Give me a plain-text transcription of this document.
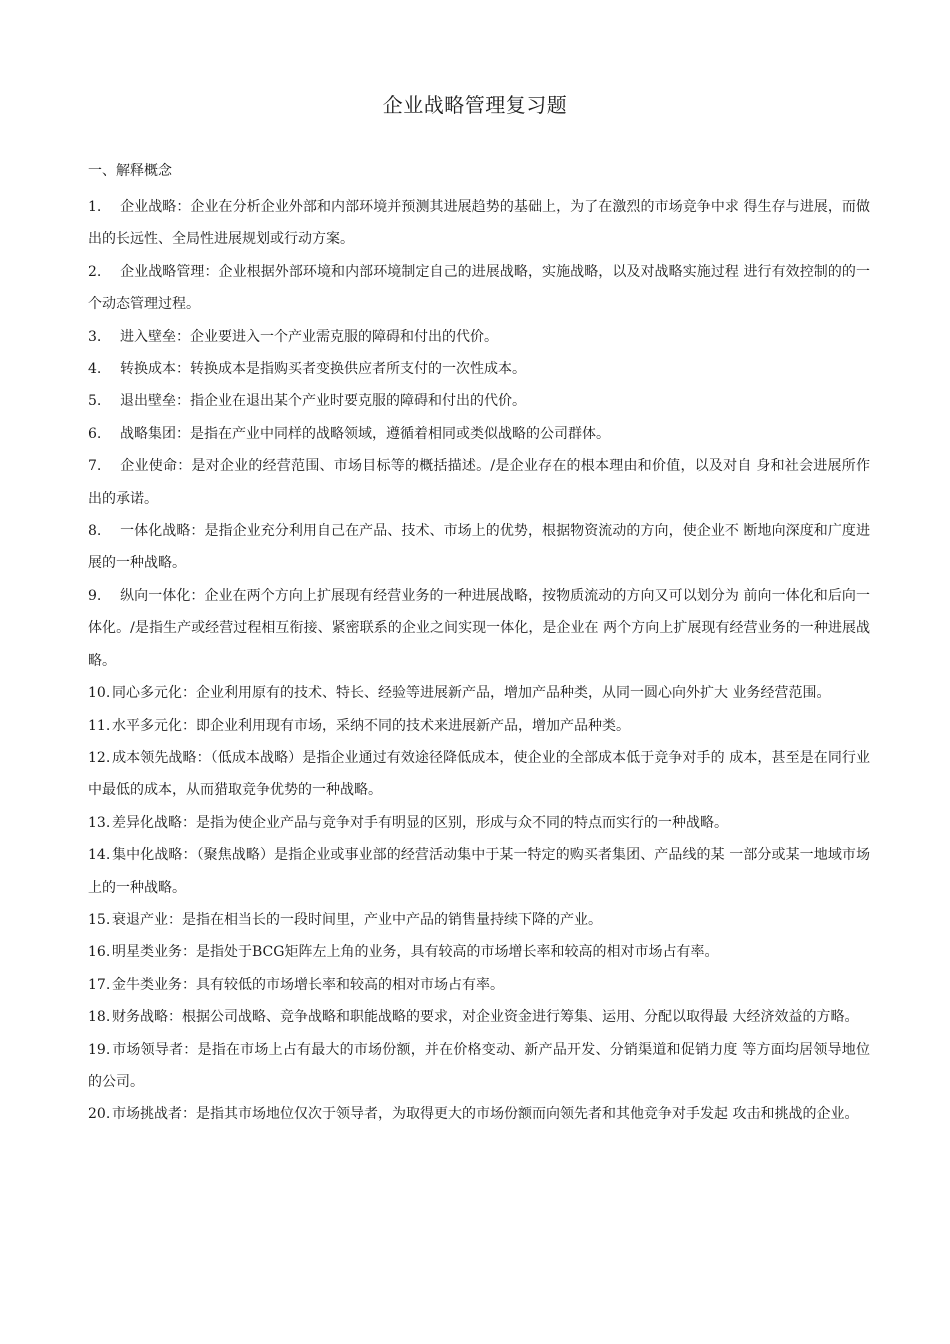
企业战略管理复习题
一、解释概念
1. 企业战略：企业在分析企业外部和内部环境并预测其进展趋势的基础上，为了在激烈的市场竞争中求 得生存与进展，而做出的长远性、全局性进展规划或行动方案。
2. 企业战略管理：企业根据外部环境和内部环境制定自己的进展战略，实施战略，以及对战略实施过程 进行有效控制的的一个动态管理过程。
3. 进入壁垒：企业要进入一个产业需克服的障碍和付出的代价。
4. 转换成本：转换成本是指购买者变换供应者所支付的一次性成本。
5. 退出壁垒：指企业在退出某个产业时要克服的障碍和付出的代价。
6. 战略集团：是指在产业中同样的战略领域，遵循着相同或类似战略的公司群体。
7. 企业使命：是对企业的经营范围、市场目标等的概括描述。/是企业存在的根本理由和价值，以及对自 身和社会进展所作出的承诺。
8. 一体化战略：是指企业充分利用自己在产品、技术、市场上的优势，根据物资流动的方向，使企业不 断地向深度和广度进展的一种战略。
9. 纵向一体化：企业在两个方向上扩展现有经营业务的一种进展战略，按物质流动的方向又可以划分为 前向一体化和后向一体化。/是指生产或经营过程相互衔接、紧密联系的企业之间实现一体化，是企业在 两个方向上扩展现有经营业务的一种进展战略。
10. 同心多元化：企业利用原有的技术、特长、经验等进展新产品，增加产品种类，从同一圆心向外扩大 业务经营范围。
11. 水平多元化：即企业利用现有市场，采纳不同的技术来进展新产品，增加产品种类。
12. 成本领先战略：（低成本战略）是指企业通过有效途径降低成本，使企业的全部成本低于竞争对手的 成本，甚至是在同行业中最低的成本，从而猎取竞争优势的一种战略。
13. 差异化战略：是指为使企业产品与竞争对手有明显的区别，形成与众不同的特点而实行的一种战略。
14. 集中化战略：（聚焦战略）是指企业或事业部的经营活动集中于某一特定的购买者集团、产品线的某 一部分或某一地域市场上的一种战略。
15. 衰退产业：是指在相当长的一段时间里，产业中产品的销售量持续下降的产业。
16. 明星类业务：是指处于BCG矩阵左上角的业务，具有较高的市场增长率和较高的相对市场占有率。
17. 金牛类业务：具有较低的市场增长率和较高的相对市场占有率。
18. 财务战略：根据公司战略、竞争战略和职能战略的要求，对企业资金进行筹集、运用、分配以取得最 大经济效益的方略。
19. 市场领导者：是指在市场上占有最大的市场份额，并在价格变动、新产品开发、分销渠道和促销力度 等方面均居领导地位的公司。
20. 市场挑战者：是指其市场地位仅次于领导者，为取得更大的市场份额而向领先者和其他竞争对手发起 攻击和挑战的企业。
